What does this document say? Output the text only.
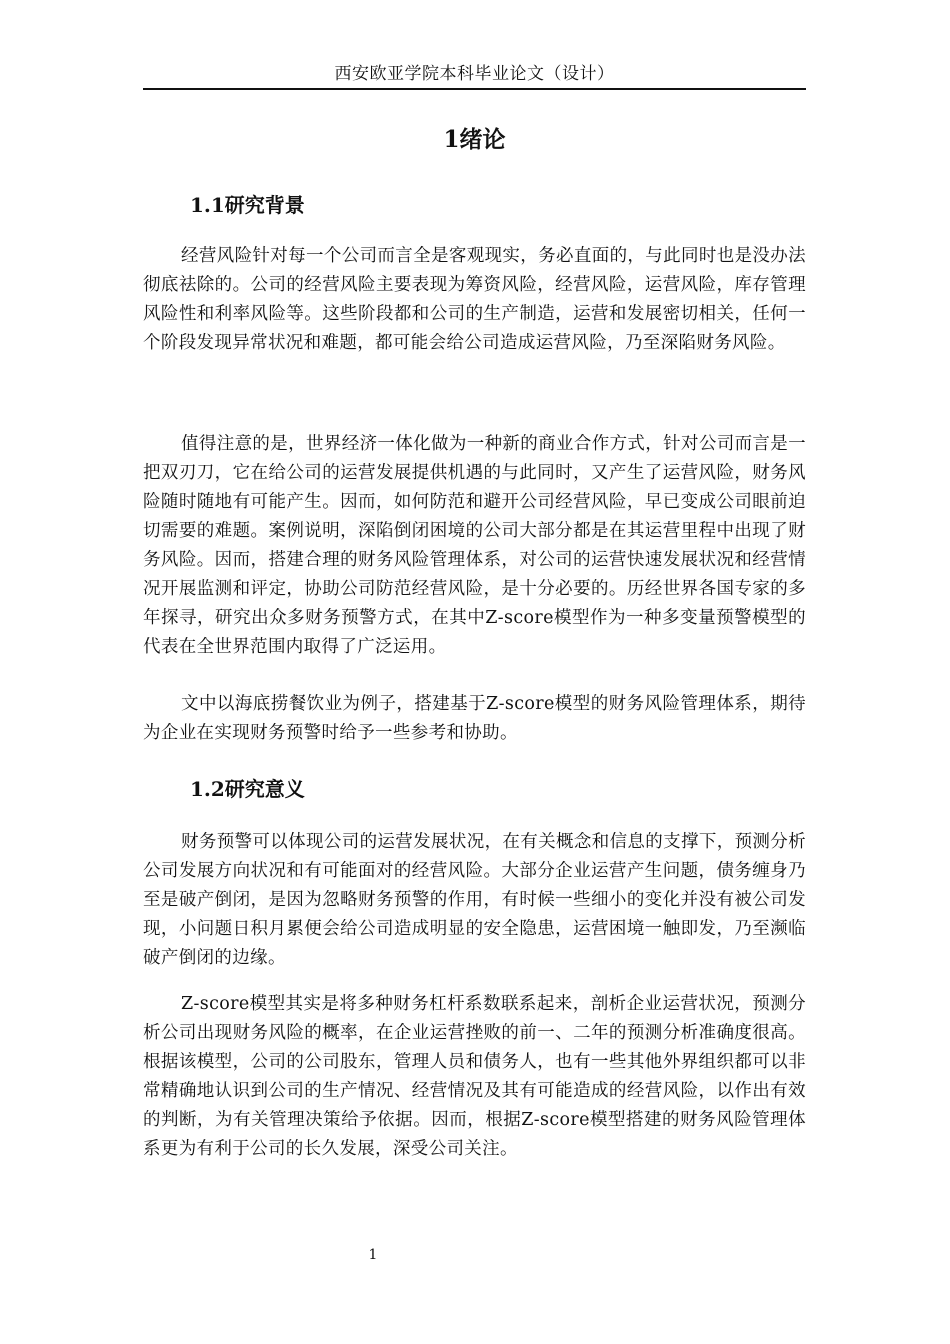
西安欧亚学院本科毕业论文（设计）
1绪论
1.1研究背景

经营风险针对每一个公司而言全是客观现实，务必直面的，与此同时也是没办法彻底祛除的。公司的经营风险主要表现为筹资风险，经营风险，运营风险，库存管理风险性和利率风险等。这些阶段都和公司的生产制造，运营和发展密切相关，任何一个阶段发现异常状况和难题，都可能会给公司造成运营风险，乃至深陷财务风险。

值得注意的是，世界经济一体化做为一种新的商业合作方式，针对公司而言是一把双刃刀，它在给公司的运营发展提供机遇的与此同时，又产生了运营风险，财务风险随时随地有可能产生。因而，如何防范和避开公司经营风险，早已变成公司眼前迫切需要的难题。案例说明，深陷倒闭困境的公司大部分都是在其运营里程中出现了财务风险。因而，搭建合理的财务风险管理体系，对公司的运营快速发展状况和经营情况开展监测和评定，协助公司防范经营风险，是十分必要的。历经世界各国专家的多年探寻，研究出众多财务预警方式，在其中Z-score模型作为一种多变量预警模型的代表在全世界范围内取得了广泛运用。

文中以海底捞餐饮业为例子，搭建基于Z-score模型的财务风险管理体系，期待为企业在实现财务预警时给予一些参考和协助。

1.2研究意义

财务预警可以体现公司的运营发展状况，在有关概念和信息的支撑下，预测分析公司发展方向状况和有可能面对的经营风险。大部分企业运营产生问题，债务缠身乃至是破产倒闭，是因为忽略财务预警的作用，有时候一些细小的变化并没有被公司发现，小问题日积月累便会给公司造成明显的安全隐患，运营困境一触即发，乃至濒临破产倒闭的边缘。

Z-score模型其实是将多种财务杠杆系数联系起来，剖析企业运营状况，预测分析公司出现财务风险的概率，在企业运营挫败的前一、二年的预测分析准确度很高。根据该模型，公司的公司股东，管理人员和债务人，也有一些其他外界组织都可以非常精确地认识到公司的生产情况、经营情况及其有可能造成的经营风险，以作出有效的判断，为有关管理决策给予依据。因而，根据Z-score模型搭建的财务风险管理体系更为有利于公司的长久发展，深受公司关注。

1
